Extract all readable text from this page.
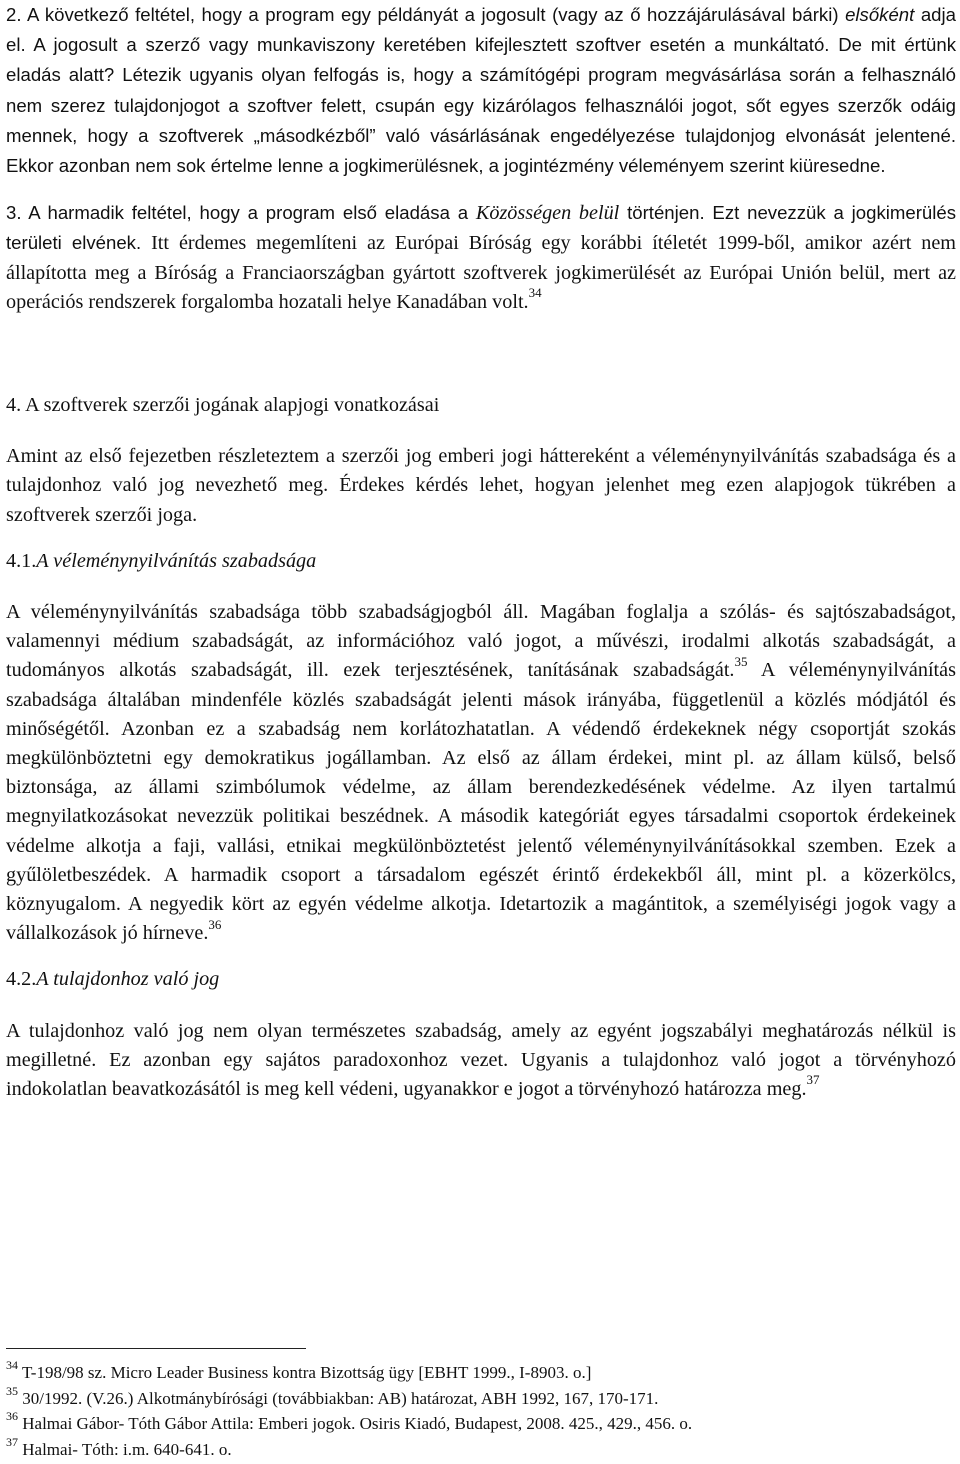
2. A következő feltétel, hogy a program egy példányát a jogosult (vagy az ő hozzájárulásával bárki) elsőként adja el. A jogosult a szerző vagy munkaviszony keretében kifejlesztett szoftver esetén a munkáltató. De mit értünk eladás alatt? Létezik ugyanis olyan felfogás is, hogy a számítógépi program megvásárlása során a felhasználó nem szerez tulajdonjogot a szoftver felett, csupán egy kizárólagos felhasználói jogot, sőt egyes szerzők odáig mennek, hogy a szoftverek „másodkézből” való vásárlásának engedélyezése tulajdonjog elvonását jelentené. Ekkor azonban nem sok értelme lenne a jogkimerülésnek, a jogintézmény véleményem szerint kiüresedne.

3. A harmadik feltétel, hogy a program első eladása a Közösségen belül történjen. Ezt nevezzük a jogkimerülés területi elvének. Itt érdemes megemlíteni az Európai Bíróság egy korábbi ítéletét 1999-ből, amikor azért nem állapította meg a Bíróság a Franciaországban gyártott szoftverek jogkimerülését az Európai Unión belül, mert az operációs rendszerek forgalomba hozatali helye Kanadában volt.$^{34}$

4. A szoftverek szerzői jogának alapjogi vonatkozásai

Amint az első fejezetben részleteztem a szerzői jog emberi jogi háttereként a véleménynyilvánítás szabadsága és a tulajdonhoz való jog nevezhető meg. Érdekes kérdés lehet, hogyan jelenhet meg ezen alapjogok tükrében a szoftverek szerzői joga.

4.1.A véleménynyilvánítás szabadsága

A véleménynyilvánítás szabadsága több szabadságjogból áll. Magában foglalja a szólás- és sajtószabadságot, valamennyi médium szabadságát, az információhoz való jogot, a művészi, irodalmi alkotás szabadságát, a tudományos alkotás szabadságát, ill. ezek terjesztésének, tanításának szabadságát.$^{35}$ A véleménynyilvánítás szabadsága általában mindenféle közlés szabadságát jelenti mások irányába, függetlenül a közlés módjától és minőségétől. Azonban ez a szabadság nem korlátozhatatlan. A védendő érdekeknek négy csoportját szokás megkülönböztetni egy demokratikus jogállamban. Az első az állam érdekei, mint pl. az állam külső, belső biztonsága, az állami szimbólumok védelme, az állam berendezkedésének védelme. Az ilyen tartalmú megnyilatkozásokat nevezzük politikai beszédnek. A második kategóriát egyes társadalmi csoportok érdekeinek védelme alkotja a faji, vallási, etnikai megkülönböztetést jelentő véleménynyilvánításokkal szemben. Ezek a gyűlöletbeszédek. A harmadik csoport a társadalom egészét érintő érdekekből áll, mint pl. a közerkölcs, köznyugalom. A negyedik kört az egyén védelme alkotja. Idetartozik a magántitok, a személyiségi jogok vagy a vállalkozások jó hírneve.$^{36}$

4.2.A tulajdonhoz való jog

A tulajdonhoz való jog nem olyan természetes szabadság, amely az egyént jogszabályi meghatározás nélkül is megilletné. Ez azonban egy sajátos paradoxonhoz vezet. Ugyanis a tulajdonhoz való jogot a törvényhozó indokolatlan beavatkozásától is meg kell védeni, ugyanakkor e jogot a törvényhozó határozza meg.$^{37}$

$^{34}$ T-198/98 sz. Micro Leader Business kontra Bizottság ügy [EBHT 1999., I-8903. o.]

$^{35}$ 30/1992. (V.26.) Alkotmánybírósági (továbbiakban: AB) határozat, ABH 1992, 167, 170-171.

$^{36}$ Halmai Gábor- Tóth Gábor Attila: Emberi jogok. Osiris Kiadó, Budapest, 2008. 425., 429., 456. o.

$^{37}$ Halmai- Tóth: i.m. 640-641. o.
